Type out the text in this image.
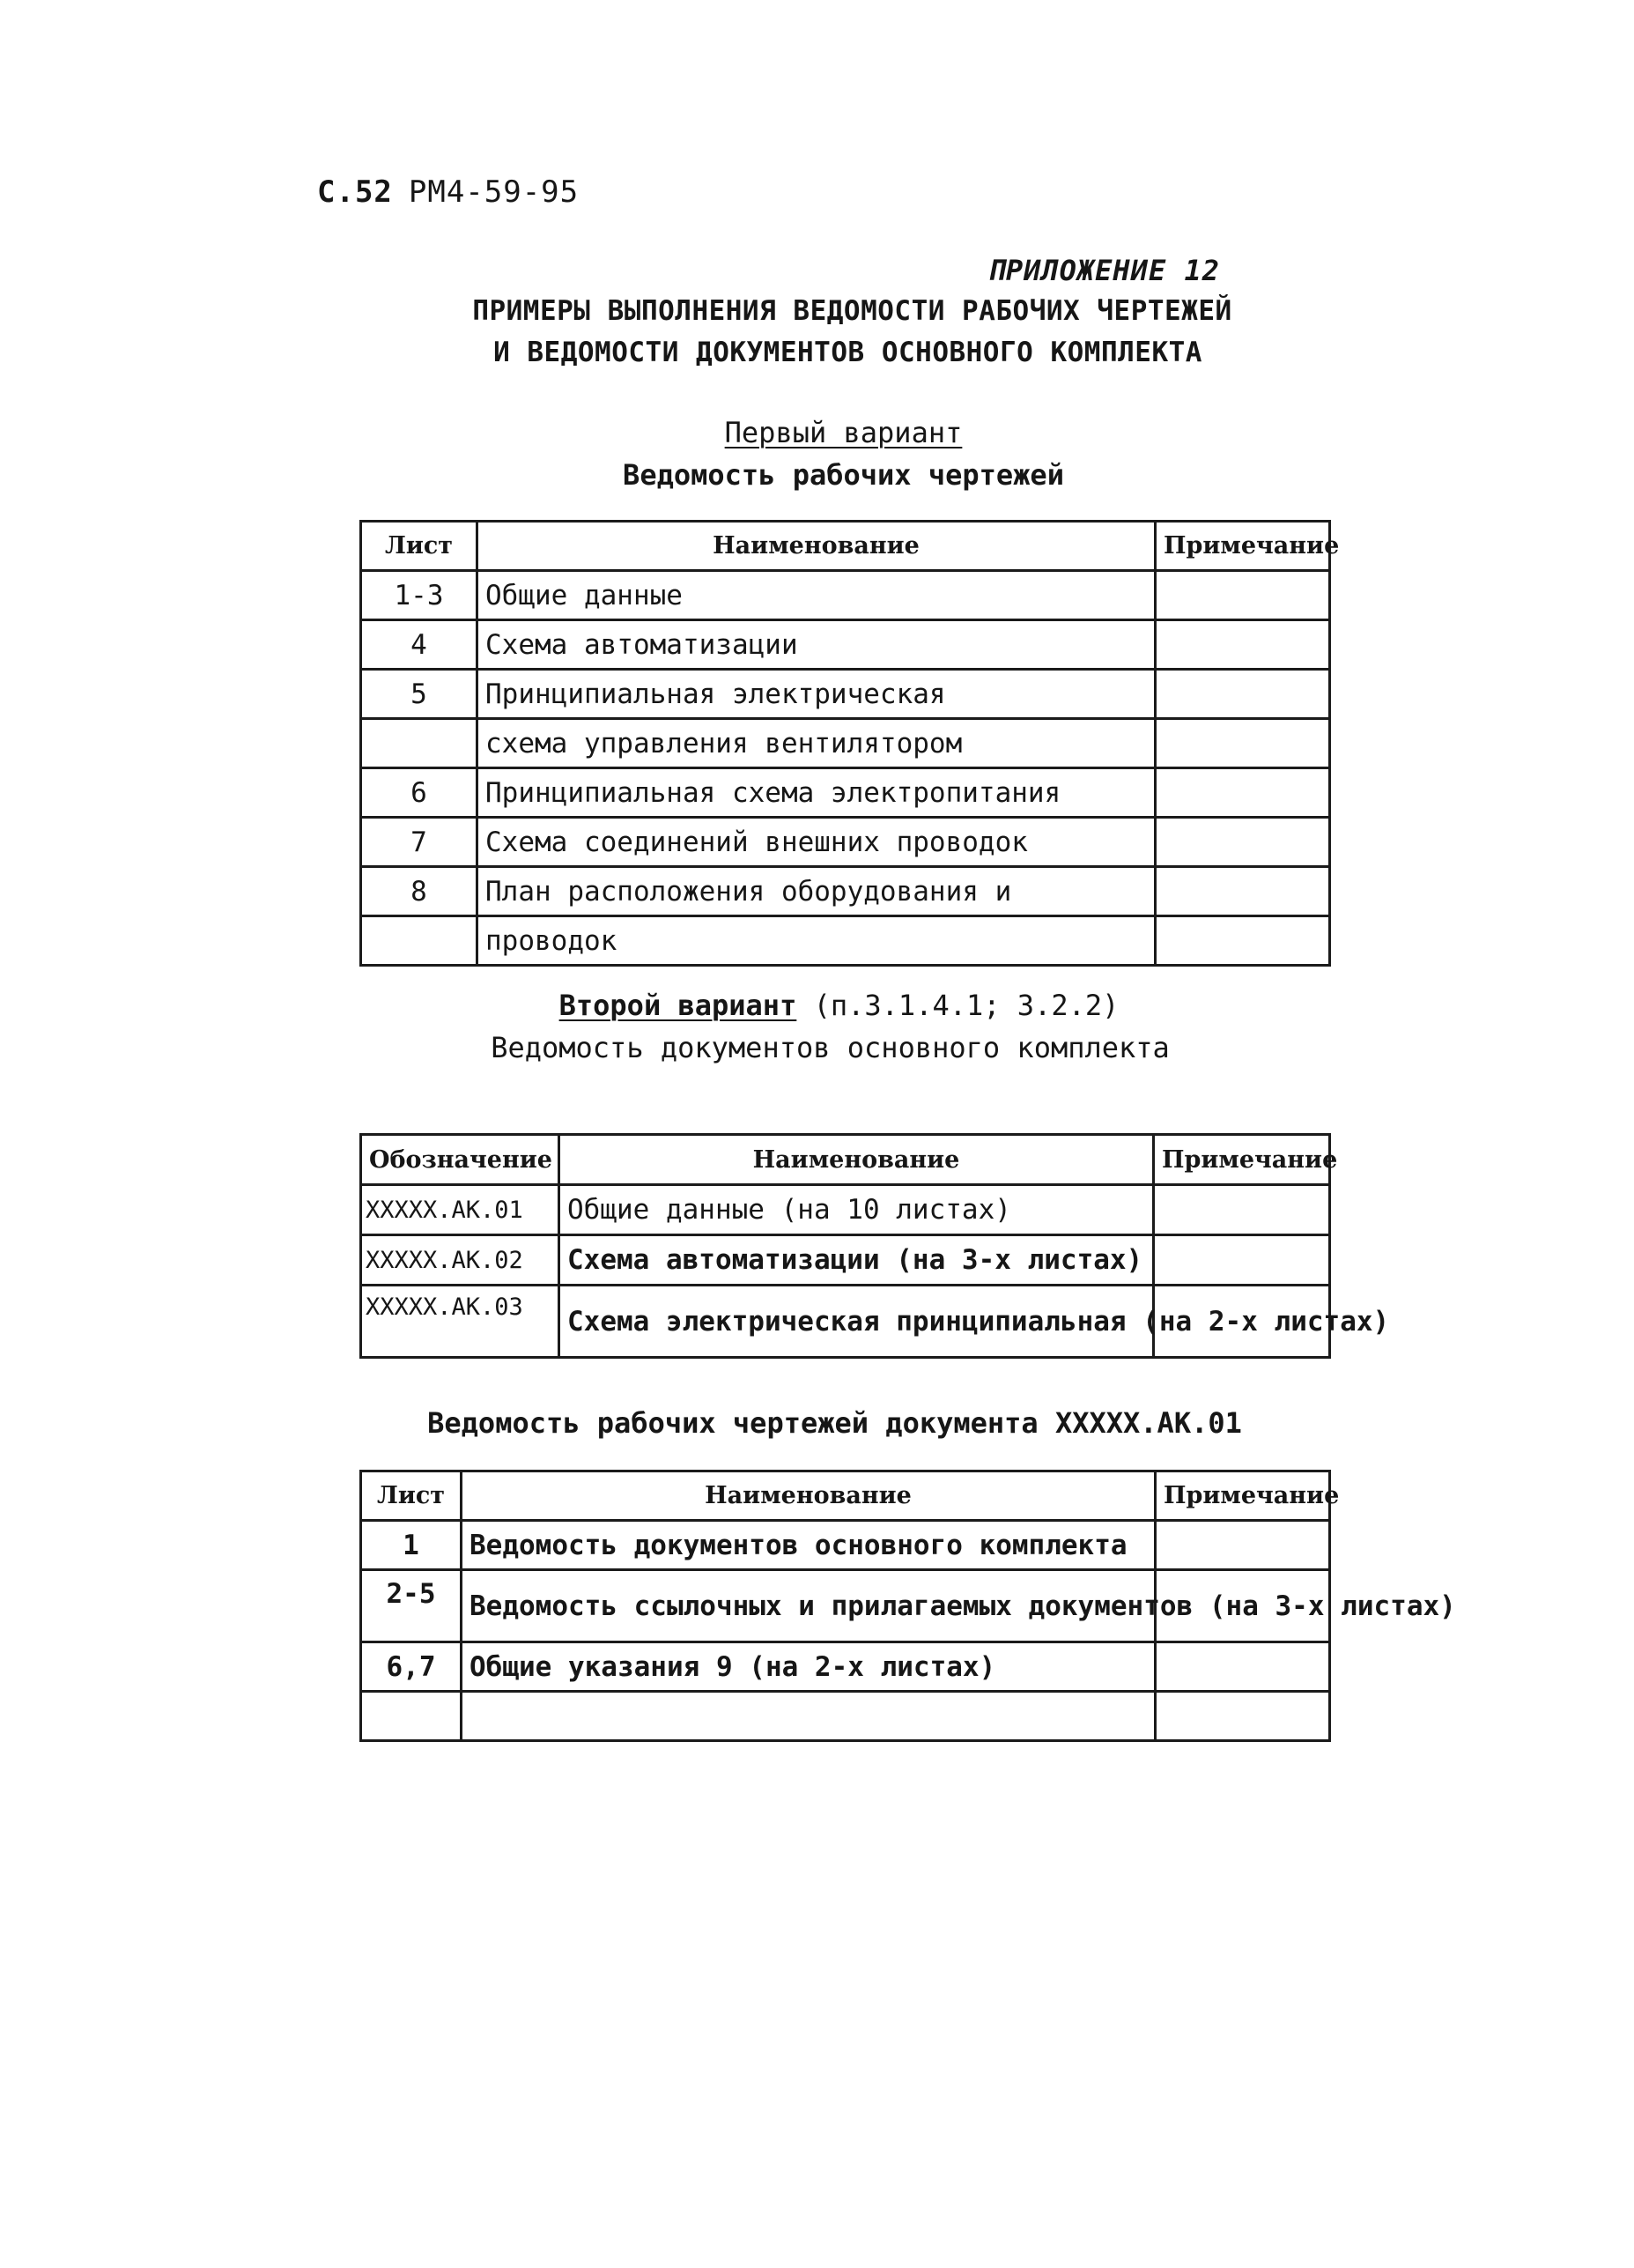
С.52 РМ4-59-95
ПРИЛОЖЕНИЕ 12
ПРИМЕРЫ ВЫПОЛНЕНИЯ ВЕДОМОСТИ РАБОЧИХ ЧЕРТЕЖЕЙ
И ВЕДОМОСТИ ДОКУМЕНТОВ ОСНОВНОГО КОМПЛЕКТА
Первый вариант
Ведомость рабочих чертежей
Лист	Наименование	Примечание
1-3	Общие данные	
4	Схема автоматизации	
5	Принципиальная электрическая	
	схема управления вентилятором	
6	Принципиальная схема электропитания	
7	Схема соединений внешних проводок	
8	План расположения оборудования и	
	проводок	
Второй вариант (п.3.1.4.1; 3.2.2)
Ведомость документов основного комплекта
Обозначение	Наименование	Примечание
XXXXX.AK.01	Общие данные (на 10 листах)	
XXXXX.AK.02	Схема автоматизации (на 3-х листах)	
XXXXX.AK.03	Схема электрическая принципиальная (на 2-х листах)	
Ведомость рабочих чертежей документа XXXXX.AK.01
Лист	Наименование	Примечание
1	Ведомость документов основного комплекта	
2-5	Ведомость ссылочных и прилагаемых документов (на 3-х листах)	
6,7	Общие указания 9 (на 2-х листах)	
